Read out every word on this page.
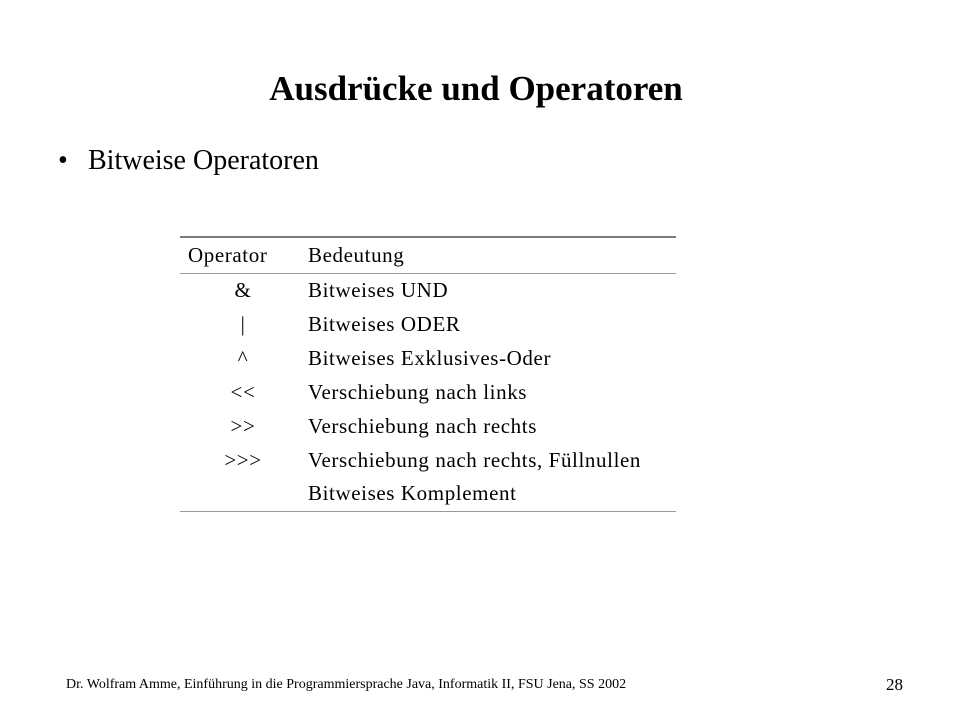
Ausdrücke und Operatoren
• Bitweise Operatoren
Operator	Bedeutung
&	Bitweises UND
|	Bitweises ODER
^	Bitweises Exklusives-Oder
<<	Verschiebung nach links
>>	Verschiebung nach rechts
>>>	Verschiebung nach rechts, Füllnullen
	Bitweises Komplement
Dr. Wolfram Amme, Einführung in die Programmiersprache Java, Informatik II, FSU Jena, SS 2002	28
